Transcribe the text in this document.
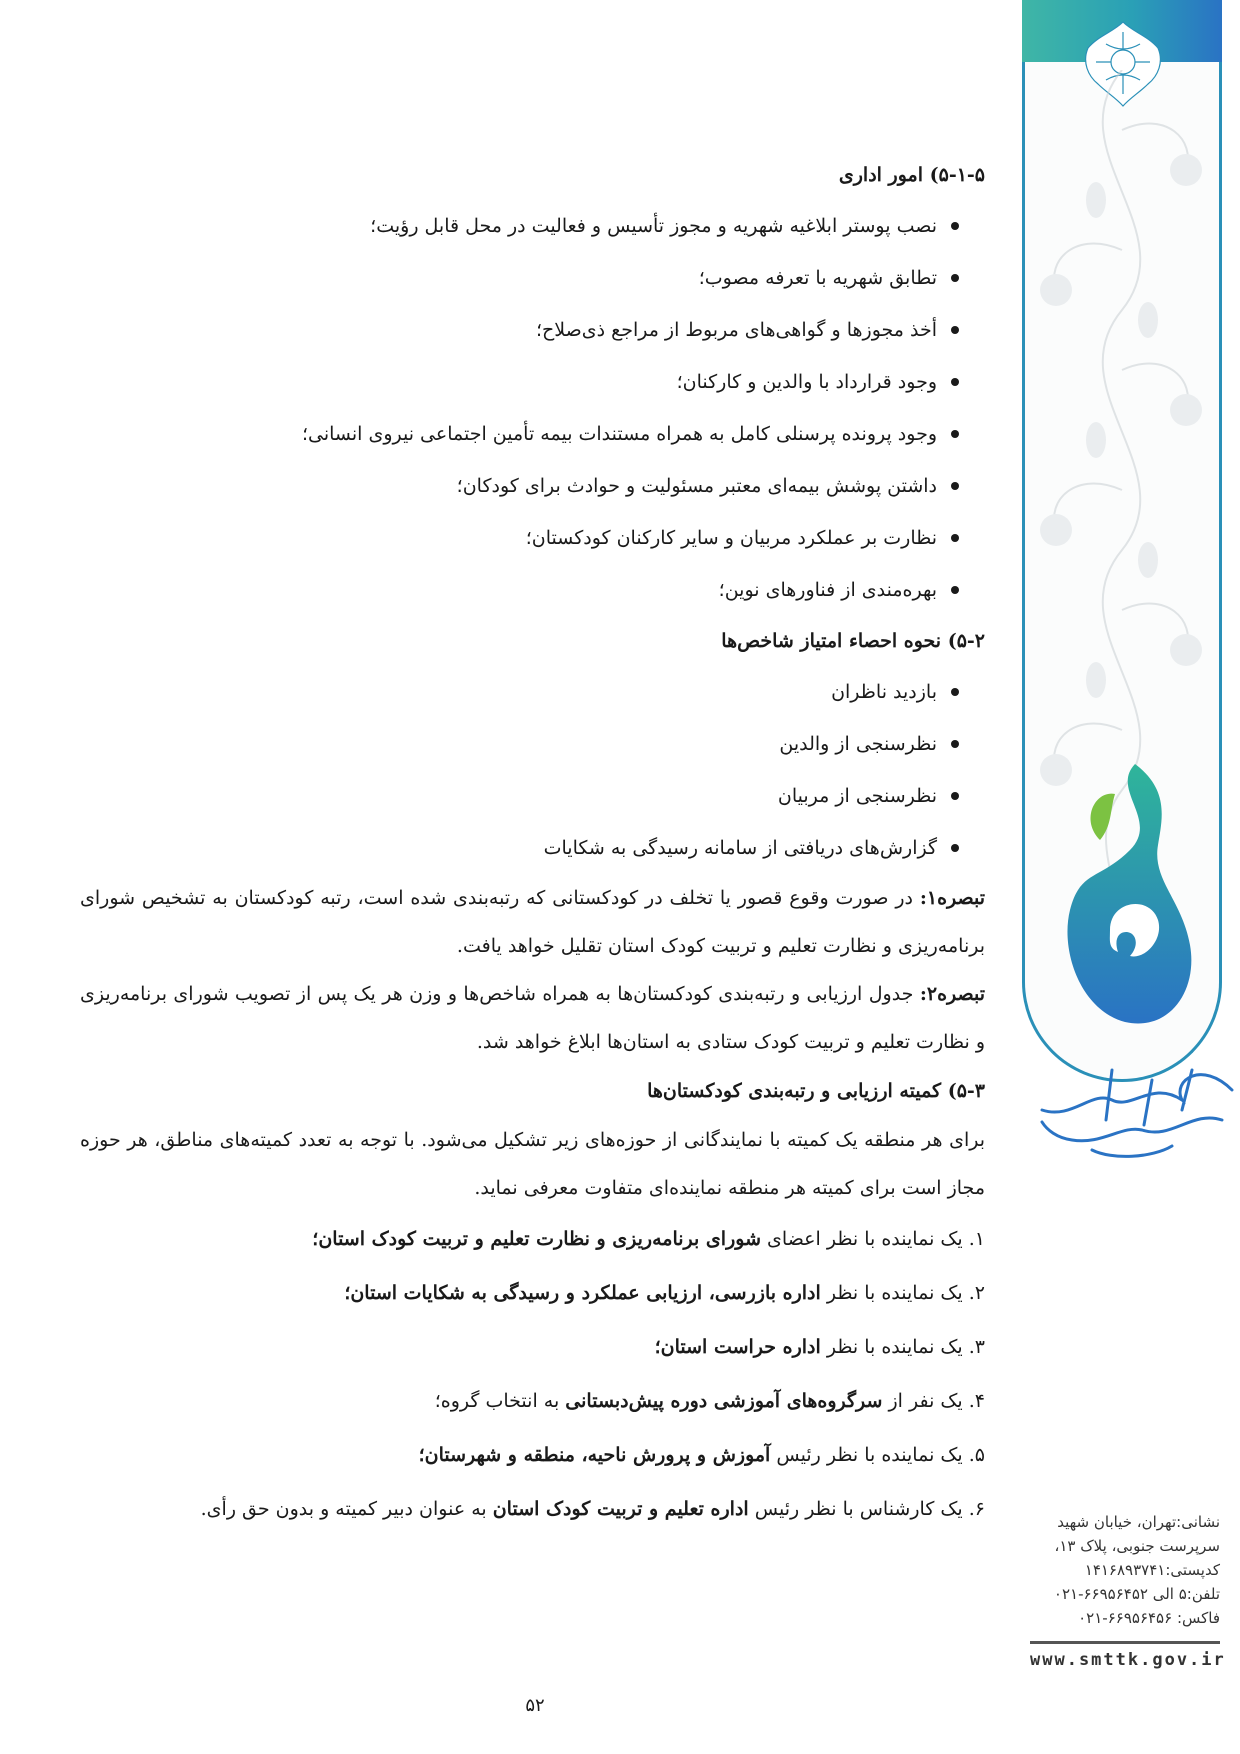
نشانی:تهران، خیابان شهید
سرپرست جنوبی، پلاک ۱۳،
کدپستی:۱۴۱۶۸۹۳۷۴۱
تلفن:۵ الی ۶۶۹۵۶۴۵۲-۰۲۱
فاکس: ۶۶۹۵۶۴۵۶-۰۲۱
www.smttk.gov.ir

۵-۱-۵) امور اداری

نصب پوستر ابلاغیه شهریه و مجوز تأسیس و فعالیت در محل قابل رؤیت؛
تطابق شهریه با تعرفه مصوب؛
أخذ مجوزها و گواهی‌های مربوط از مراجع ذی‌صلاح؛
وجود قرارداد با والدین و کارکنان؛
وجود پرونده پرسنلی کامل به همراه مستندات بیمه تأمین اجتماعی نیروی انسانی؛
داشتن پوشش بیمه‌ای معتبر مسئولیت و حوادث برای کودکان؛
نظارت بر عملکرد مربیان و سایر کارکنان کودکستان؛
بهره‌مندی از فناورهای نوین؛

۵-۲) نحوه احصاء امتیاز شاخص‌ها

بازدید ناظران
نظرسنجی از والدین
نظرسنجی از مربیان
گزارش‌های دریافتی از سامانه رسیدگی به شکایات

تبصره۱: در صورت وقوع قصور یا تخلف در کودکستانی که رتبه‌بندی شده است، رتبه کودکستان به تشخیص شورای برنامه‌ریزی و نظارت تعلیم و تربیت کودک استان تقلیل خواهد یافت.

تبصره۲: جدول ارزیابی و رتبه‌بندی کودکستان‌ها به همراه شاخص‌ها و وزن هر یک پس از تصویب شورای برنامه‌ریزی و نظارت تعلیم و تربیت کودک ستادی به استان‌ها ابلاغ خواهد شد.

۵-۳) کمیته ارزیابی و رتبه‌بندی کودکستان‌ها

برای هر منطقه یک کمیته با نمایندگانی از حوزه‌های زیر تشکیل می‌شود. با توجه به تعدد کمیته‌های مناطق، هر حوزه مجاز است برای کمیته هر منطقه نماینده‌ای متفاوت معرفی نماید.

۱. یک نماینده با نظر اعضای شورای برنامه‌ریزی و نظارت تعلیم و تربیت کودک استان؛
۲. یک نماینده با نظر اداره بازرسی، ارزیابی عملکرد و رسیدگی به شکایات استان؛
۳. یک نماینده با نظر اداره حراست استان؛
۴. یک نفر از سرگروه‌های آموزشی دوره پیش‌دبستانی به انتخاب گروه؛
۵. یک نماینده با نظر رئیس آموزش و پرورش ناحیه، منطقه و شهرستان؛
۶. یک کارشناس با نظر رئیس اداره تعلیم و تربیت کودک استان به عنوان دبیر کمیته و بدون حق رأی.
۵۲
